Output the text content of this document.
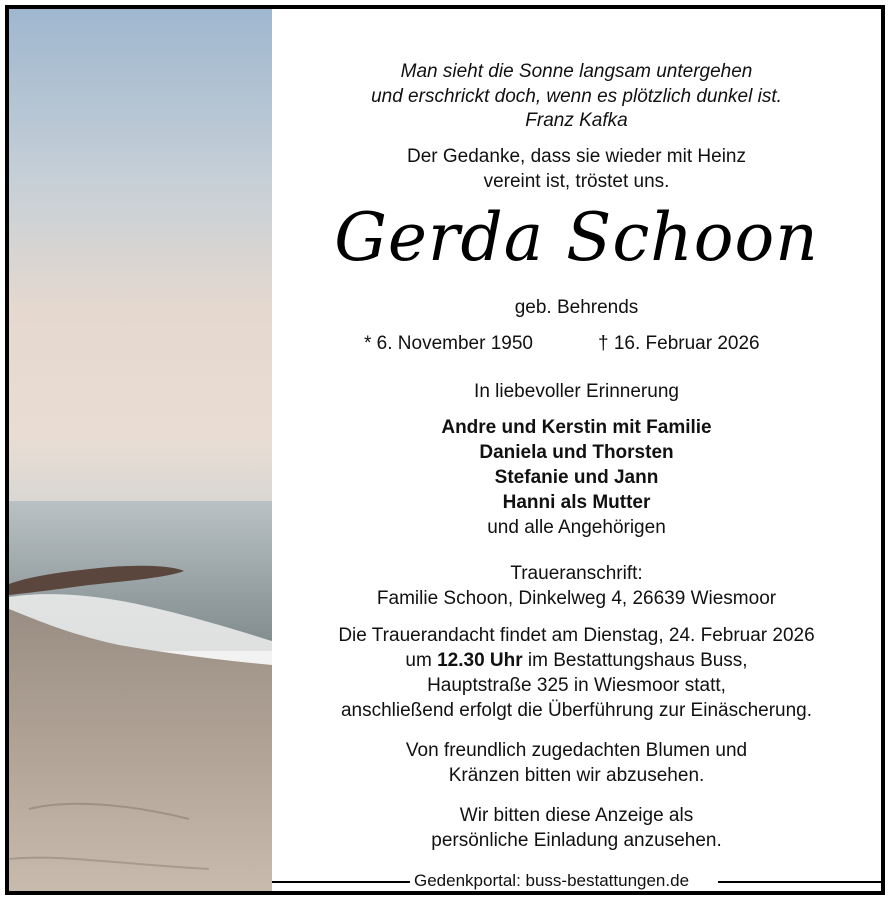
Man sieht die Sonne langsam untergehen
und erschrickt doch, wenn es plötzlich dunkel ist.
Franz Kafka
Der Gedanke, dass sie wieder mit Heinz
vereint ist, tröstet uns.
Gerda Schoon
geb. Behrends
* 6. November 1950	† 16. Februar 2026
In liebevoller Erinnerung
Andre und Kerstin mit Familie
Daniela und Thorsten
Stefanie und Jann
Hanni als Mutter
und alle Angehörigen
Traueranschrift:
Familie Schoon, Dinkelweg 4, 26639 Wiesmoor
Die Trauerandacht findet am Dienstag, 24. Februar 2026
um 12.30 Uhr im Bestattungshaus Buss,
Hauptstraße 325 in Wiesmoor statt,
anschließend erfolgt die Überführung zur Einäscherung.
Von freundlich zugedachten Blumen und
Kränzen bitten wir abzusehen.
Wir bitten diese Anzeige als
persönliche Einladung anzusehen.
Gedenkportal: buss-bestattungen.de
